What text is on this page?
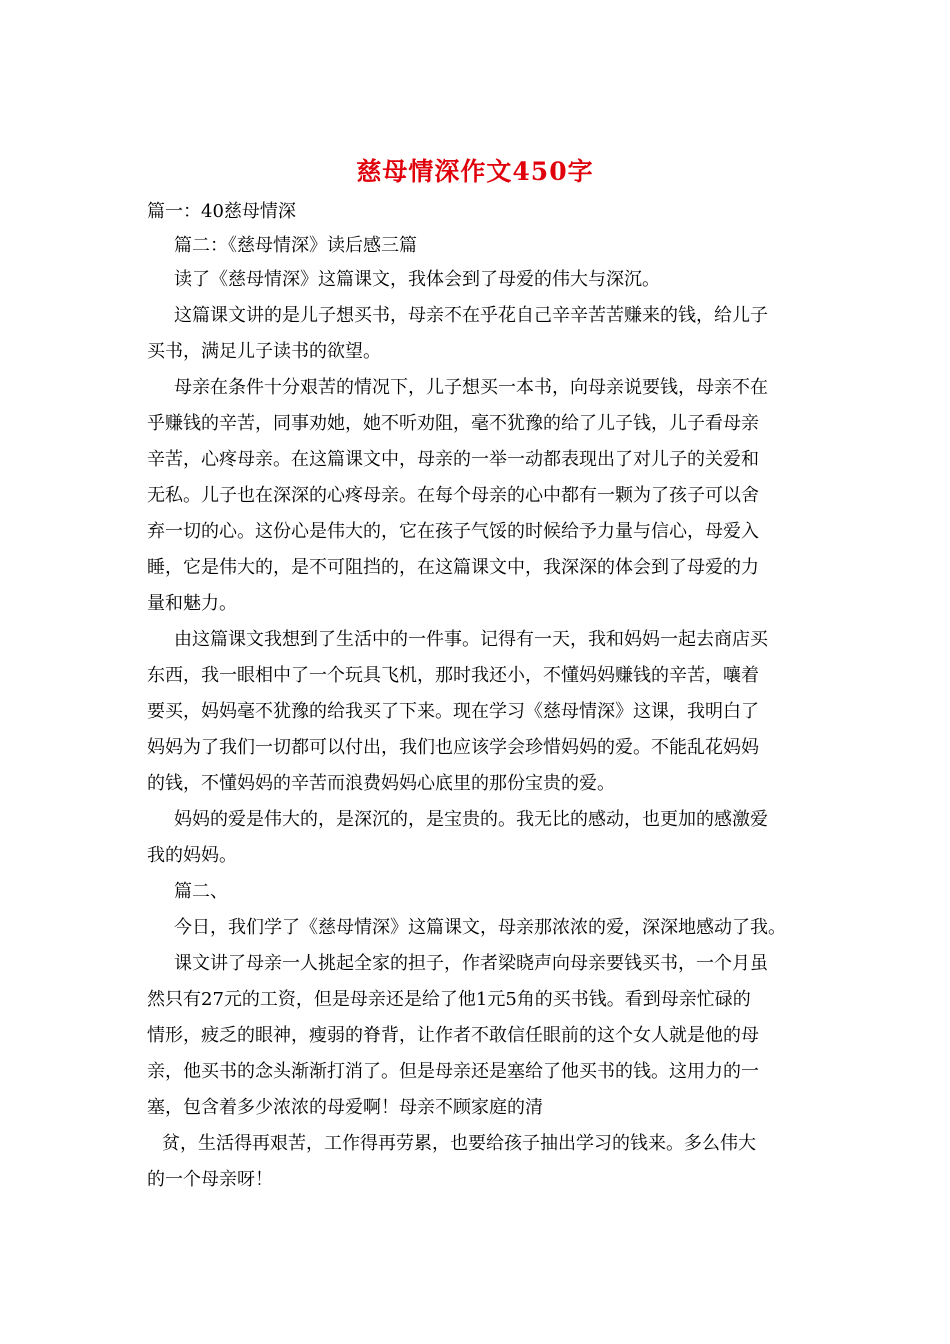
慈母情深作文450字
篇一：40慈母情深
篇二：《慈母情深》读后感三篇
读了《慈母情深》这篇课文，我体会到了母爱的伟大与深沉。
这篇课文讲的是儿子想买书，母亲不在乎花自己辛辛苦苦赚来的钱，给儿子
买书，满足儿子读书的欲望。
母亲在条件十分艰苦的情况下，儿子想买一本书，向母亲说要钱，母亲不在
乎赚钱的辛苦，同事劝她，她不听劝阻，毫不犹豫的给了儿子钱，儿子看母亲
辛苦，心疼母亲。在这篇课文中，母亲的一举一动都表现出了对儿子的关爱和
无私。儿子也在深深的心疼母亲。在每个母亲的心中都有一颗为了孩子可以舍
弃一切的心。这份心是伟大的，它在孩子气馁的时候给予力量与信心，母爱入
睡，它是伟大的，是不可阻挡的，在这篇课文中，我深深的体会到了母爱的力
量和魅力。
由这篇课文我想到了生活中的一件事。记得有一天，我和妈妈一起去商店买
东西，我一眼相中了一个玩具飞机，那时我还小，不懂妈妈赚钱的辛苦，嚷着
要买，妈妈毫不犹豫的给我买了下来。现在学习《慈母情深》这课，我明白了
妈妈为了我们一切都可以付出，我们也应该学会珍惜妈妈的爱。不能乱花妈妈
的钱，不懂妈妈的辛苦而浪费妈妈心底里的那份宝贵的爱。
妈妈的爱是伟大的，是深沉的，是宝贵的。我无比的感动，也更加的感激爱
我的妈妈。
篇二、
今日，我们学了《慈母情深》这篇课文，母亲那浓浓的爱，深深地感动了我。
课文讲了母亲一人挑起全家的担子，作者梁晓声向母亲要钱买书，一个月虽
然只有27元的工资，但是母亲还是给了他1元5角的买书钱。看到母亲忙碌的
情形，疲乏的眼神，瘦弱的脊背，让作者不敢信任眼前的这个女人就是他的母
亲，他买书的念头渐渐打消了。但是母亲还是塞给了他买书的钱。这用力的一
塞，包含着多少浓浓的母爱啊！母亲不顾家庭的清
贫，生活得再艰苦，工作得再劳累，也要给孩子抽出学习的钱来。多么伟大
的一个母亲呀！
